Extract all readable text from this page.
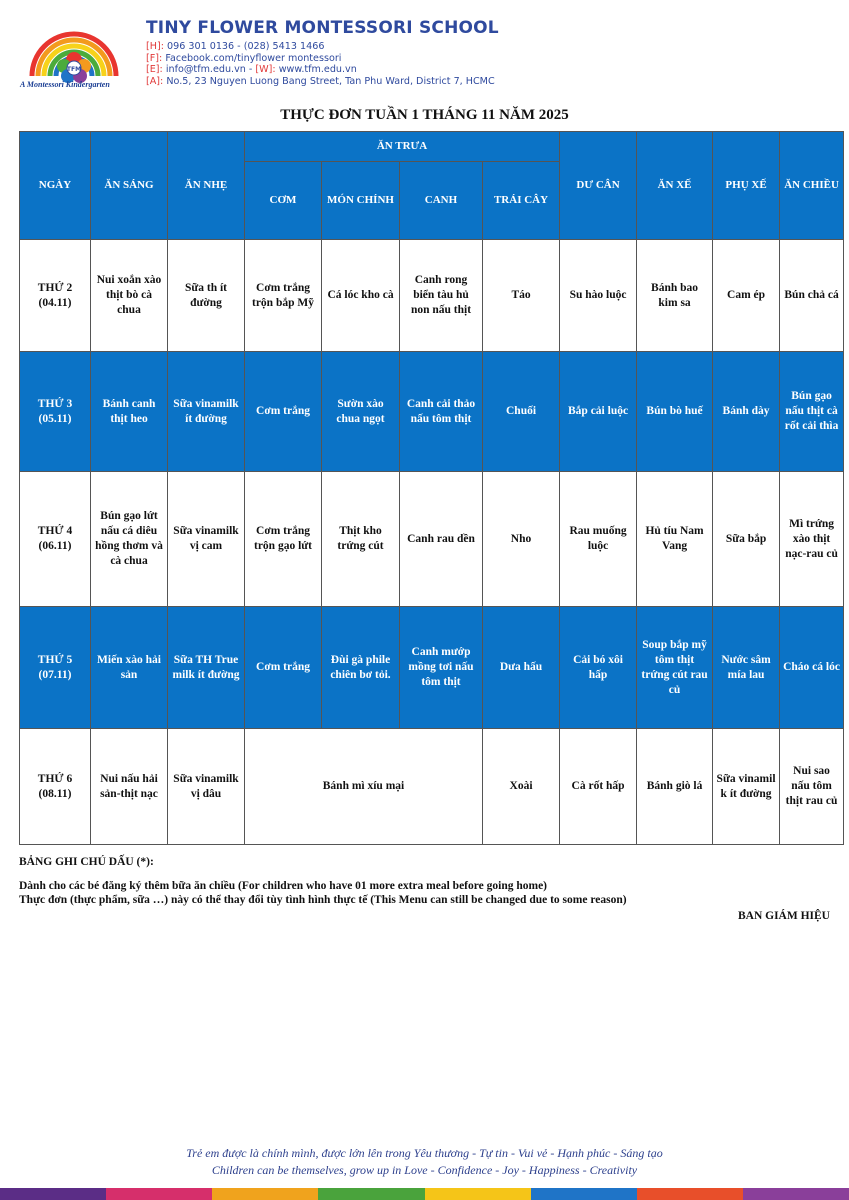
TFM
A Montessori Kindergarten
TINY FLOWER MONTESSORI SCHOOL
[H]: 096 301 0136 - (028) 5413 1466
[F]: Facebook.com/tinyflower montessori
[E]: info@tfm.edu.vn - [W]: www.tfm.edu.vn
[A]: No.5, 23 Nguyen Luong Bang Street, Tan Phu Ward, District 7, HCMC
THỰC ĐƠN TUẦN 1 THÁNG 11 NĂM 2025
NGÀY	ĂN SÁNG	ĂN NHẸ	ĂN TRƯA				DƯ CÂN	ĂN XẾ	PHỤ XẾ	ĂN CHIỀU
			CƠM	MÓN CHÍNH	CANH	TRÁI CÂY				
THỨ 2
(04.11)	Nui xoắn xào thịt bò cà chua	Sữa th ít đường	Cơm trắng trộn bắp Mỹ	Cá lóc kho cà	Canh rong biển tàu hủ non nấu thịt	Táo	Su hào luộc	Bánh bao kim sa	Cam ép	Bún chả cá
THỨ 3
(05.11)	Bánh canh thịt heo	Sữa vinamilk ít đường	Cơm trắng	Sườn xào chua ngọt	Canh cải thảo nấu tôm thịt	Chuối	Bắp cải luộc	Bún bò huế	Bánh dày	Bún gạo nấu thịt cà rốt cải thìa
THỨ 4
(06.11)	Bún gạo lứt nấu cá diêu hồng thơm và cà chua	Sữa vinamilk vị cam	Cơm trắng trộn gạo lứt	Thịt kho trứng cút	Canh rau dền	Nho	Rau muống luộc	Hủ tíu Nam Vang	Sữa bắp	Mì trứng xào thịt nạc-rau củ
THỨ 5
(07.11)	Miến xào hải sản	Sữa TH True milk ít đường	Cơm trắng	Đùi gà phile chiên bơ tỏi.	Canh mướp mồng tơi nấu tôm thịt	Dưa hấu	Cải bó xôi hấp	Soup bắp mỹ tôm thịt trứng cút rau củ	Nước sâm mía lau	Cháo cá lóc
THỨ 6
(08.11)	Nui nấu hải sản-thịt nạc	Sữa vinamilk vị dâu	Bánh mì xíu mại			Xoài	Cà rốt hấp	Bánh giò lá	Sữa vinamil k ít đường	Nui sao nấu tôm thịt rau củ
BẢNG GHI CHÚ DẤU (*):
Dành cho các bé đăng ký thêm bữa ăn chiều (For children who have 01 more extra meal before going home)
Thực đơn (thực phẩm, sữa …) này có thể thay đổi tùy tình hình thực tế (This Menu can still be changed due to some reason)
BAN GIÁM HIỆU
Trẻ em được là chính mình, được lớn lên trong Yêu thương - Tự tin - Vui vẻ - Hạnh phúc - Sáng tạo
Children can be themselves, grow up in Love - Confidence - Joy - Happiness - Creativity
